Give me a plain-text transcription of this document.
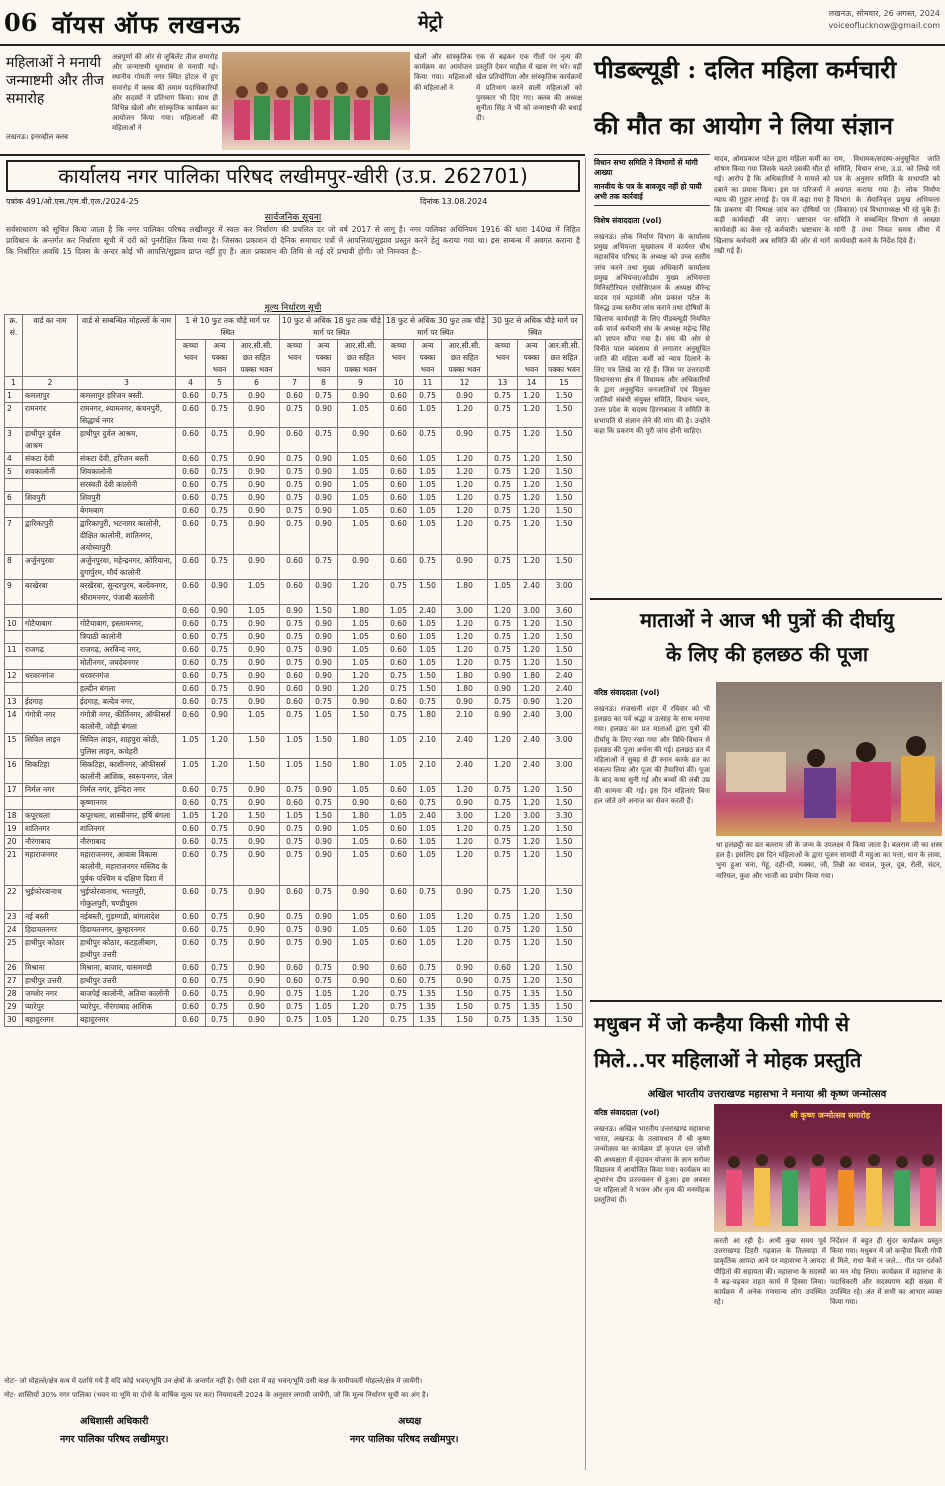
06 वॉयस ऑफ लखनऊ	मेट्रो	लखनऊ, सोमवार, 26 अगस्त, 2024
voiceoflucknow@gmail.com
महिलाओं ने मनायी जन्माष्टमी और तीज समारोह
लखनऊ। इनरव्हील क्लब
अन्नपूर्णा की ओर से जुबिलेंट तीज समारोह और जन्माष्टमी धूमधाम से मनायी गई। स्थानीय गोमती नगर स्थित होटल में हुए समारोह में क्लब की तमाम पदाधिकारियों और सदस्यों ने प्रतिभाग किया। साथ ही विभिन्न खेलों और सांस्कृतिक कार्यक्रम का आयोजन किया गया। महिलाओं की महिलाओं ने
खेलों और सांस्कृतिक कार्यक्रम का आयोजन किया गया। महिलाओं की महिलाओं ने
एक से बढ़कर एक गीतों पर नृत्य की प्रस्तुति देकर माहौल में खास रंग भरे। वहीं खेल प्रतियोगिता और सांस्कृतिक कार्यक्रमों में प्रतिभाग करने वाली महिलाओं को पुरस्कार भी दिए गए। क्लब की अध्यक्ष सुनीता सिंह ने भी को जन्माष्टमी की बधाई दी।
कार्यालय नगर पालिका परिषद लखीमपुर-खीरी (उ.प्र. 262701)
पत्रांक 491/ओ.एस./एम.वी.एल./2024-25	दिनांक 13.08.2024
सार्वजनिक सूचना
सर्वसाधारण को सूचित किया जाता है कि नगर पालिका परिषद लखीमपुर में स्वतः कर निर्धारण की प्रचलित दर जो वर्ष 2017 से लागू है। नगर पालिका अधिनियम 1916 की धारा 140ख में निहित प्राविधान के अन्तर्गत कर निर्धारण सूची में दरों को पुनरीक्षित किया गया है। जिसका प्रकाशन दो दैनिक समाचार पत्रों में आपत्तियां/सुझाव प्रस्तुत करने हेतु कराया गया था। इस सम्बन्ध में अवगत कराना है कि निर्धारित अवधि 15 दिवस के अन्दर कोई भी आपत्ति/सुझाव प्राप्त नहीं हुए हैं। अतः प्रकाशन की तिथि से नई दरें प्रभावी होंगी। जो निम्नवत है:-
मूल्य निर्धारण सूची
क्र. सं.	वार्ड का नाम	वार्ड से सम्बन्धित मोहल्लों के नाम	1 से 10 फुट तक चौड़े मार्ग पर स्थित			10 फुट से अधिक 18 फुट तक चौड़े मार्ग पर स्थित			18 फुट से अधिक 30 फुट तक चौड़े मार्ग पर स्थित			30 फुट से अधिक चौड़े मार्ग पर स्थित		
			कच्चा भवन	अन्य पक्का भवन	आर.सी.सी. छत सहित पक्का भवन	कच्चा भवन	अन्य पक्का भवन	आर.सी.सी. छत सहित पक्का भवन	कच्चा भवन	अन्य पक्का भवन	आर.सी.सी. छत सहित पक्का भवन	कच्चा भवन	अन्य पक्का भवन	आर.सी.सी. छत सहित पक्का भवन
1	2	3	4	5	6	7	8	9	10	11	12	13	14	15
1	कमलापुर	कमलापुर हरिजन बस्ती.	0.60	0.75	0.90	0.60	0.75	0.90	0.60	0.75	0.90	0.75	1.20	1.50
2	रामनगर	रामनगर, श्यामनगर, कंचनपुरी, सिद्धार्थ नगर	0.60	0.75	0.90	0.75	0.90	1.05	0.60	1.05	1.20	0.75	1.20	1.50
3	हाथीपुर दुर्वल आश्रम	हाथीपुर दुर्वल आश्रम,	0.60	0.75	0.90	0.60	0.75	0.90	0.60	0.75	0.90	0.75	1.20	1.50
4	संकटा देवी	संकटा देवी, हरिजन बस्ती	0.60	0.75	0.90	0.75	0.90	1.05	0.60	1.05	1.20	0.75	1.20	1.50
5	शवकालोनी	शिवकालोनी	0.60	0.75	0.90	0.75	0.90	1.05	0.60	1.05	1.20	0.75	1.20	1.50
		सरस्वती देवी कालोनी	0.60	0.75	0.90	0.75	0.90	1.05	0.60	1.05	1.20	0.75	1.20	1.50
6	शिवपुरी	शिवपुरी	0.60	0.75	0.90	0.75	0.90	1.05	0.60	1.05	1.20	0.75	1.20	1.50
		बेगमबाग	0.60	0.75	0.90	0.75	0.90	1.05	0.60	1.05	1.20	0.75	1.20	1.50
7	द्वारिकापुरी	द्वारिकापुरी, भटनागर कालोनी, दीक्षित कालोनी, शांतिनगर, अयोध्यापुरी	0.60	0.75	0.90	0.75	0.90	1.05	0.60	1.05	1.20	0.75	1.20	1.50
8	अर्जुनपुरवा	अर्जुनपुरवा, महेन्द्रनगर, कोरियाना, दुगार्पुरम, मौर्य कालोनी	0.60	0.75	0.90	0.60	0.75	0.90	0.60	0.75	0.90	0.75	1.20	1.50
9	बरखेरवा	बरखेरवा, सुन्दरपुरम, बल्देवनगर, श्रीरामनगर, पंजाबी कालोनी	0.60	0.90	1.05	0.60	0.90	1.20	0.75	1.50	1.80	1.05	2.40	3.00
			0.60	0.90	1.05	0.90	1.50	1.80	1.05	2.40	3.00	1.20	3.00	3.60
10	गोटैयाबाग	गोटैयाबाग, इस्लामनगर,	0.60	0.75	0.90	0.75	0.90	1.05	0.60	1.05	1.20	0.75	1.20	1.50
		त्रिपाठी कालोनी	0.60	0.75	0.90	0.75	0.90	1.05	0.60	1.05	1.20	0.75	1.20	1.50
11	राजगढ़	राजगढ़, अरविन्द नगर,	0.60	0.75	0.90	0.75	0.90	1.05	0.60	1.05	1.20	0.75	1.20	1.50
		मोतीनगर, जयदेवनगर	0.60	0.75	0.90	0.75	0.90	1.05	0.60	1.05	1.20	0.75	1.20	1.50
12	थरवरनगंज	थरवरनगंज	0.60	0.75	0.90	0.60	0.90	1.20	0.75	1.50	1.80	0.90	1.80	2.40
		हल्दीन बंगला	0.60	0.75	0.90	0.60	0.90	1.20	0.75	1.50	1.80	0.90	1.20	2.40
13	ईदगाह	ईदगाह, बल्देव नगर,	0.60	0.75	0.90	0.60	0.75	0.90	0.60	0.75	0.90	0.75	0.90	1.20
14	गंगोत्री नगर	गंगोत्री नगर, कीर्तिनगर, ऑफीसर्स कालोनी, जोड़ी बंगला	0.60	0.90	1.05	0.75	1.05	1.50	0.75	1.80	2.10	0.90	2.40	3.00
15	सिविल लाइन	सिविल लाइन, शाहपुरा कोठी, पुलिस लाइन, कचेहरी	1.05	1.20	1.50	1.05	1.50	1.80	1.05	2.10	2.40	1.20	2.40	3.00
16	सिकटिहा	सिकटिहा, काशीनगर, ऑफीसर्स कालोनी आंशिक, स्वरूपनगर, जेल	1.05	1.20	1.50	1.05	1.50	1.80	1.05	2.10	2.40	1.20	2.40	3.00
17	निर्मल नगर	निर्मल नगर, इन्दिरा नगर	0.60	0.75	0.90	0.75	0.90	1.05	0.60	1.05	1.20	0.75	1.20	1.50
		कृष्णानगर	0.60	0.75	0.90	0.60	0.75	0.90	0.60	0.75	0.90	0.75	1.20	1.50
18	कपूरथला	कपूरथला, शास्त्रीनगर, हर्षि बंगला	1.05	1.20	1.50	1.05	1.50	1.80	1.05	2.40	3.00	1.20	3.00	3.30
19	शांतिनगर	शांतिनगर	0.60	0.75	0.90	0.75	0.90	1.05	0.60	1.05	1.20	0.75	1.20	1.50
20	नौरंगाबाद	नौरंगाबाद	0.60	0.75	0.90	0.75	0.90	1.05	0.60	1.05	1.20	0.75	1.20	1.50
21	महाराजनगर	महाराजनगर, आवास विकास कालोनी, महाराजनगर मस्जिद के पूर्वक पश्चिम व दक्षिण दिशा में	0.60	0.75	0.90	0.75	0.90	1.05	0.60	1.05	1.20	0.75	1.20	1.50
22	भुईफोरवानाथ	भुईफोरवानाथ, भरतपुरी, गोकुलपुरी, चण्डीपुरम	0.60	0.75	0.90	0.60	0.75	0.90	0.60	0.75	0.90	0.75	1.20	1.50
23	नई बस्ती	नईबस्ती, गुड़म्णडी, बांगलादेश	0.60	0.75	0.90	0.75	0.90	1.05	0.60	1.05	1.20	0.75	1.20	1.50
24	हिदायतनगर	हिदायतनगर, कुम्हारनगर	0.60	0.75	0.90	0.75	0.90	1.05	0.60	1.05	1.20	0.75	1.20	1.50
25	हाथीपुर कोठार	हाथीपुर कोठार, कटहलीबाग, हाथीपुर उत्तरी	0.60	0.75	0.90	0.75	0.90	1.05	0.60	1.05	1.20	0.75	1.20	1.50
26	मिश्राना	मिश्राना, बाजार, चासमण्डी	0.60	0.75	0.90	0.60	0.75	0.90	0.60	0.75	0.90	0.60	1.20	1.50
27	हाथीपुर उत्तरी	हाथीपुर उत्तरी	0.60	0.75	0.90	0.60	0.75	0.90	0.60	0.75	0.90	0.75	1.20	1.50
28	जमशेर नगर	बाजपेई कालोनी, अतिया कालोनी	0.60	0.75	0.90	0.75	1.05	1.20	0.75	1.35	1.50	0.75	1.35	1.50
29	प्यारेपुर	प्यारेपुर, नौरंगाबाद आंशिक	0.60	0.75	0.90	0.75	1.05	1.20	0.75	1.35	1.50	0.75	1.35	1.50
30	बहादुरनगर	बहादुरनगर	0.60	0.75	0.90	0.75	1.05	1.20	0.75	1.35	1.50	0.75	1.35	1.50
नोटः- जो मोहल्ले/क्षेत्र कथ में दर्शाये गये हैं यदि कोई भवन/भूमि उन क्षेत्रों के अन्तर्गत नहीं है। ऐसी दशा में वह भवन/भूमि उसी कक्ष के समीपवर्ती मोहल्ले/क्षेत्र में जायेंगी।
नोट- शास्तियों 30% नगर पालिका (भवन या भूमि या दोनो के वार्षिक मूल्य पर कर) नियमावली 2024 के अनुसार लगायी जायेंगी, जो कि मूल्य निर्धारण सूची का अंग है।
अधिशासी अधिकारी
नगर पालिका परिषद लखीमपुर।
अध्यक्ष
नगर पालिका परिषद लखीमपुर।
पीडब्ल्यूडी : दलित महिला कर्मचारी
की मौत का आयोग ने लिया संज्ञान
विधान सभा समिति ने विभागों से मांगी आख्या
मानवीय के पत्र के बावजूद नहीं हो पायी अभी तक कार्रवाई
विशेष संवाददाता (vol)
लखनऊ। लोक निर्माण विभाग के कार्यालय प्रमुख अभियन्ता मुख्यालय में कार्यरत चौथ महासचिव परिषद के अध्यक्ष को उच्च स्तरीय जांच करने तथा मुख्य अधिकारी कार्यालय प्रमुख अभियन्ता/ओडोम मुख्य अभियन्ता मिनिस्टीरियल एसोसिएशन के अध्यक्ष वीरेन्द्र यादव एवं महामंत्री ओम प्रकाश पटेल के विरुद्ध उच्च स्तरीय जांच कराने तथा दोषियों के खिलाफ कार्यवाही के लिए पीडब्ल्यूडी नियमित वर्क चार्ज कर्मचारी संघ के अध्यक्ष महेन्द्र सिंह को ज्ञापन सौंपा गया है। संघ की ओर से विनीत पाल व्यवसाय से लगातार अनुसूचित जाति की महिला कर्मी को न्याय दिलाने के लिए पत्र लिखे जा रहे हैं। जिस पर उत्तरदायी विधानसभा क्षेत्र में विधायक और अधिकारियों के द्वारा अनुसूचित जनजातियों एवं विमुक्त जातियों संबंधी संयुक्त समिति, विधान भवन, उत्तर प्रदेश के सदस्य हिरणबाला ने समिति के सभापति से संज्ञान लेने की मांग की है। उन्होंने कहा कि प्रकरण की पूरी जांच होनी चाहिए।
यादव, ओमप्रकाश पटेल द्वारा महिला कर्मी का शोषण किया गया जिसके चलते उसकी मौत हो गई। आरोप है कि अधिकारियों ने मामले को दबाने का प्रयास किया। इस पर परिजनों ने न्याय की गुहार लगाई है। पत्र में कहा गया है कि प्रकरण की निष्पक्ष जांच कर दोषियों पर कड़ी कार्यवाही की जाए। भ्रष्टाचार पर कार्यवाही का केस रहे कर्मचारी। भ्रष्टाचार के खिलाफ कर्मचारी अब समिति की ओर से मांगें रखी गई हैं।
राम, विधायक/सदस्य-अनुसूचित जाति समिति, विधान सभा, उ.प्र. को लिखे गये पत्र के अनुसार समिति के सभापति को अवगत कराया गया है। लोक निर्माण विभाग के सेवानिवृत्त प्रमुख अभियन्ता (विकास) एवं विभागाध्यक्ष भी रहे चुके हैं। समिति ने सम्बन्धित विभाग से आख्या मांगी है तथा नियत समय सीमा में कार्यवाही करने के निर्देश दिये हैं।
माताओं ने आज भी पुत्रों की दीर्घायु
के लिए की हलछठ की पूजा
वरिष्ठ संवाददाता (vol)
लखनऊ। राजधानी शहर में रविवार को भी हलछठ का पर्व श्रद्धा व उत्साह के साथ मनाया गया। हलछठ का प्रत माताओं द्वारा पुत्रों की दीर्घायु के लिए रखा गया और विधि-विधान से हलछठ की पूजा अर्चना की गई। हलछठ व्रत में महिलाओं ने सुबह से ही स्नान करके व्रत का संकल्प लिया और पूजा की तैयारियां कीं। पूजा के बाद कथा सुनी गई और बच्चों की लंबी उम्र की कामना की गई। इस दिन महिलाएं बिना हल जोते उगे अनाज का सेवन करती हैं।
था हलछट्ठी का व्रत बलराम जी के जन्म के उपलक्ष्य में किया जाता है। बलराम जी का शस्त्र हल है। इसलिए इस दिन महिलाओं के द्वारा पूजन सामग्री में महुआ का पत्ता, धान के लावा, भुना हुआ चना, गेहूं, दही-घी, मक्का, जौ, तिन्नी का चावल, फूल, दूब, रोली, चंदन, नारियल, कुश और भाजी का प्रयोग किया गया।
मधुबन में जो कन्हैया किसी गोपी से
मिले...पर महिलाओं ने मोहक प्रस्तुति
अखिल भारतीय उत्तराखण्ड महासभा ने मनाया श्री कृष्ण जन्मोत्सव
वरिष्ठ संवाददाता (vol)
लखनऊ। अखिल भारतीय उत्तराखण्ड महासभा भारत, लखनऊ के तत्वावधान में श्री कृष्ण जन्मोत्सव का कार्यक्रम डॉ कृपाल दत्त जोशी की अध्यक्षता में वृंदावन योजना के ज्ञान सरोवर विद्यालय में आयोजित किया गया। कार्यक्रम का शुभारंभ दीप प्रज्ज्वलन से हुआ। इस अवसर पर महिलाओं ने भजन और नृत्य की मनमोहक प्रस्तुतियां दीं।
श्री कृष्ण जन्मोत्सव समारोह
करती आ रही है। अभी कुछ समय पूर्व उत्तराखण्ड टिहरी गढ़वाल के तिलवाड़ा में प्राकृतिक आपदा आने पर महासभा ने आपदा पीड़ितों की सहायता की। महासभा के सदस्यों ने बढ़-चढ़कर राहत कार्य में हिस्सा लिया। कार्यक्रम में अनेक गणमान्य लोग उपस्थित रहे।
निर्देशन में बहुत ही सुंदर कार्यक्रम प्रस्तुत किया गया। मधुबन में जो कन्हैया किसी गोपी से मिले, राधा कैसे न जले... गीत पर दर्शकों का मन मोह लिया। कार्यक्रम में महासभा के पदाधिकारी और सदस्यगण बड़ी संख्या में उपस्थित रहे। अंत में सभी का आभार व्यक्त किया गया।
